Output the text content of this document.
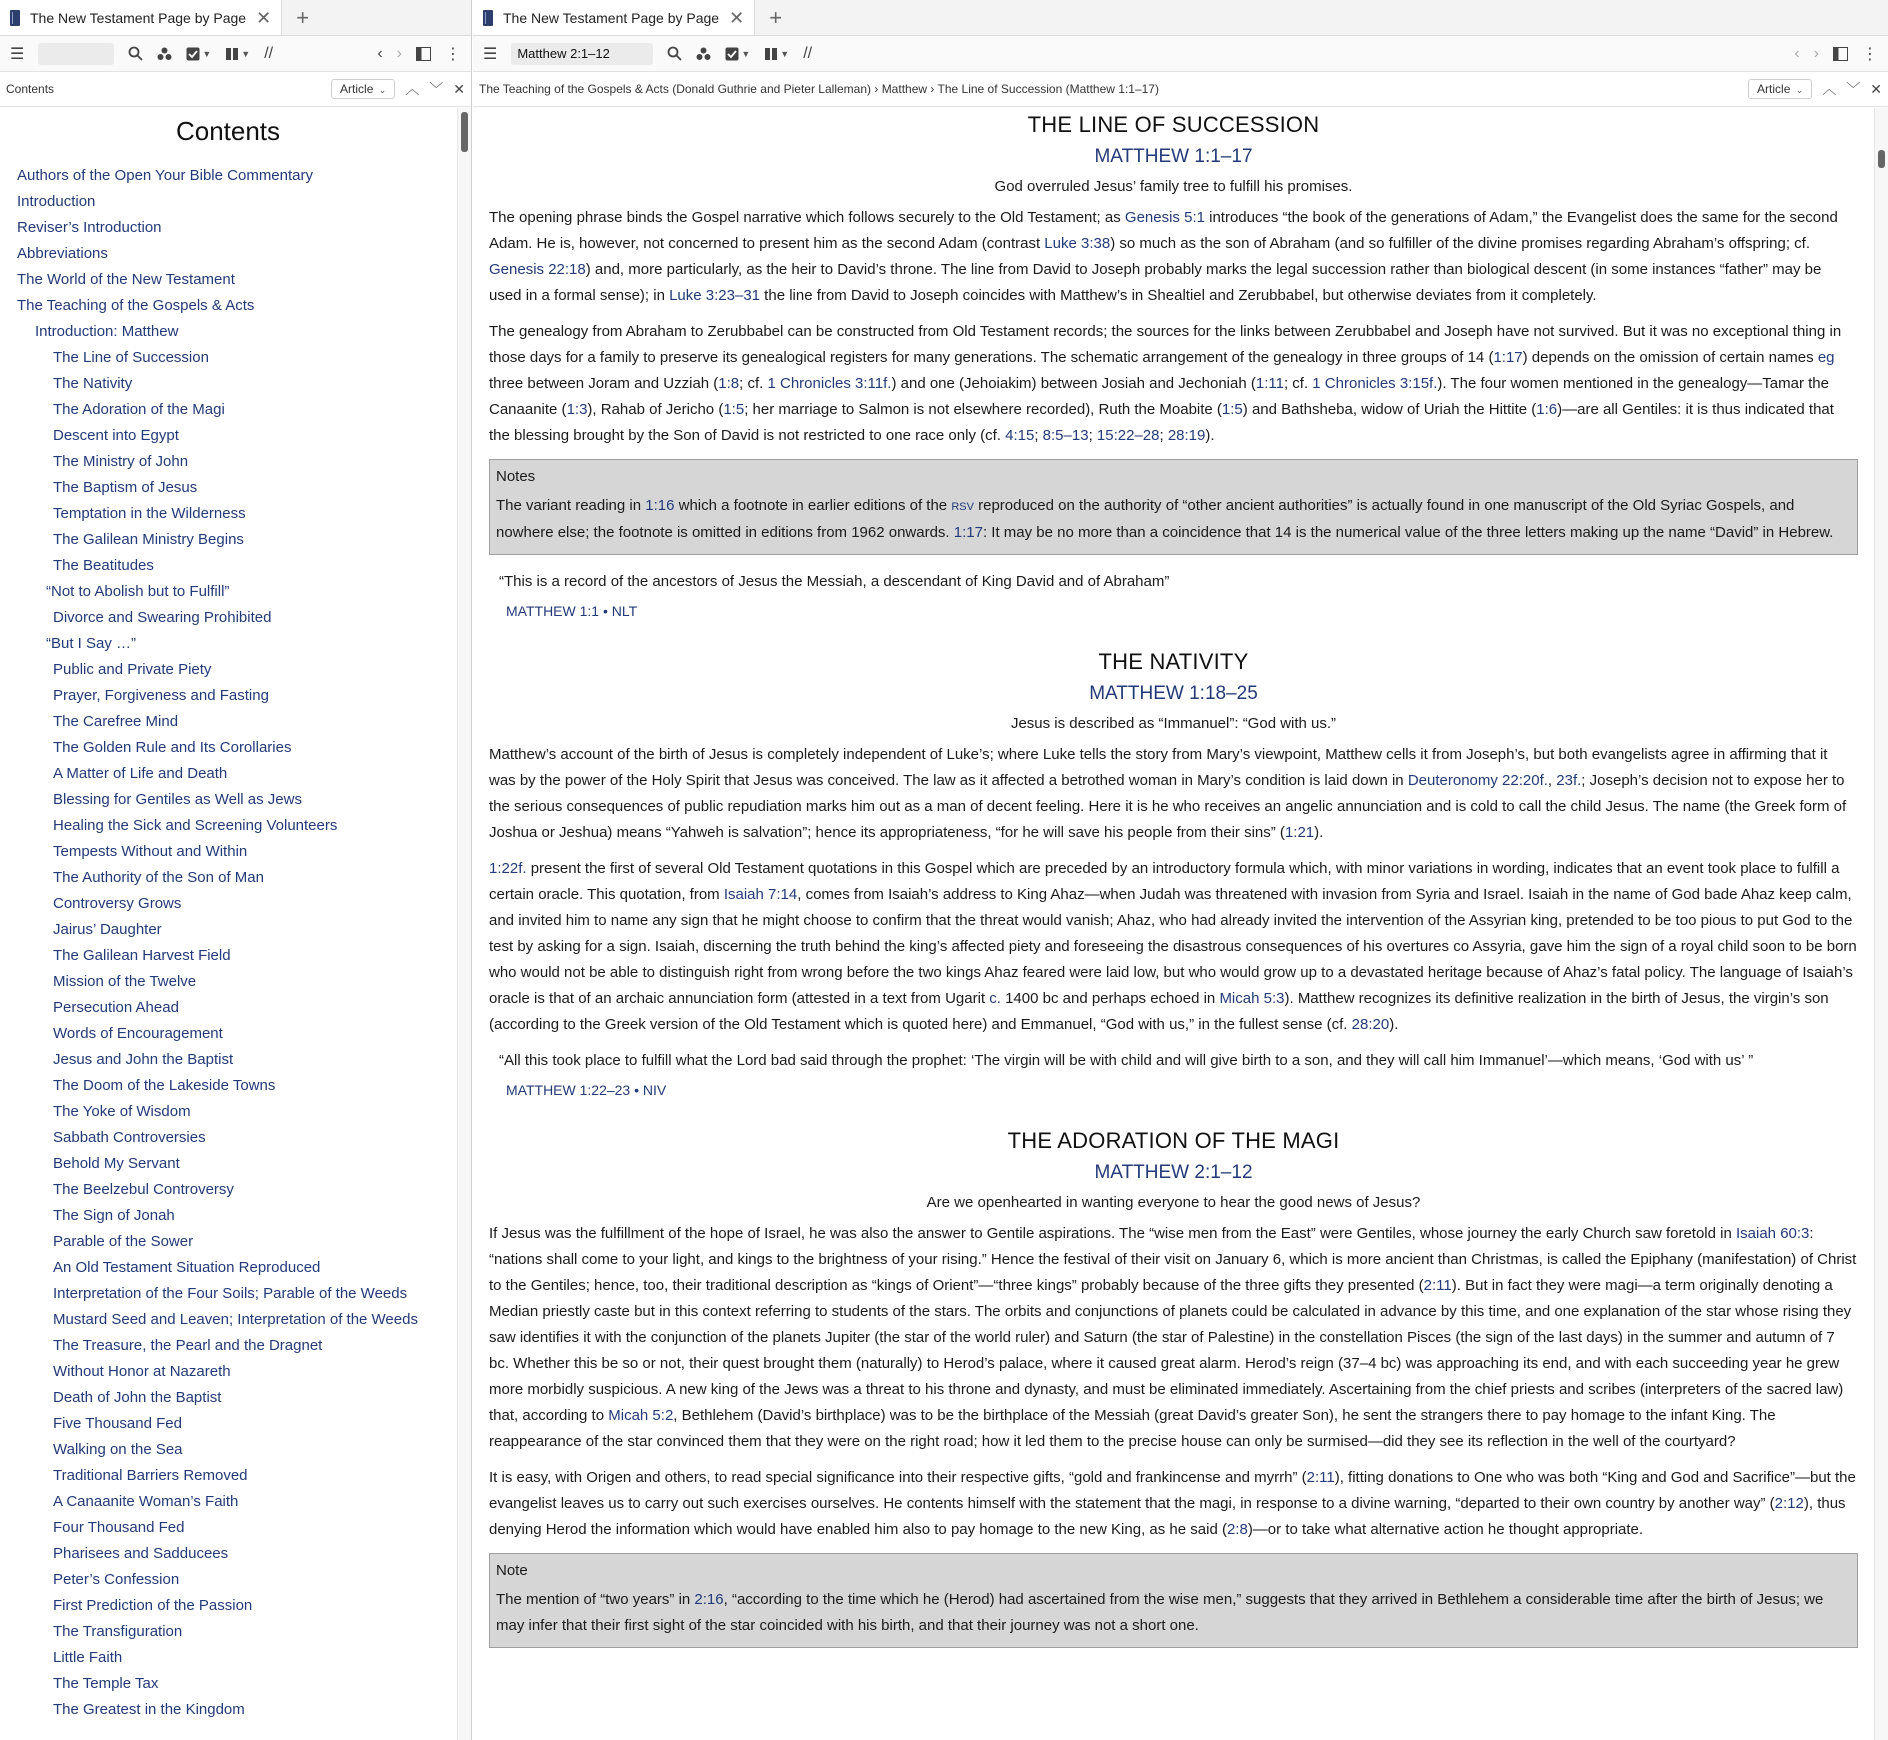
The New Testament Page by Page ✕	+
☰	▼	▼ //	‹ ›	⋮
Contents	Article ⌄	︿ ﹀ ✕
Contents
Authors of the Open Your Bible Commentary
Introduction
Reviser’s Introduction
Abbreviations
The World of the New Testament
The Teaching of the Gospels & Acts
Introduction: Matthew
The Line of Succession
The Nativity
The Adoration of the Magi
Descent into Egypt
The Ministry of John
The Baptism of Jesus
Temptation in the Wilderness
The Galilean Ministry Begins
The Beatitudes
“Not to Abolish but to Fulfill”
Divorce and Swearing Prohibited
“But I Say …”
Public and Private Piety
Prayer, Forgiveness and Fasting
The Carefree Mind
The Golden Rule and Its Corollaries
A Matter of Life and Death
Blessing for Gentiles as Well as Jews
Healing the Sick and Screening Volunteers
Tempests Without and Within
The Authority of the Son of Man
Controversy Grows
Jairus’ Daughter
The Galilean Harvest Field
Mission of the Twelve
Persecution Ahead
Words of Encouragement
Jesus and John the Baptist
The Doom of the Lakeside Towns
The Yoke of Wisdom
Sabbath Controversies
Behold My Servant
The Beelzebul Controversy
The Sign of Jonah
Parable of the Sower
An Old Testament Situation Reproduced
Interpretation of the Four Soils; Parable of the Weeds
Mustard Seed and Leaven; Interpretation of the Weeds
The Treasure, the Pearl and the Dragnet
Without Honor at Nazareth
Death of John the Baptist
Five Thousand Fed
Walking on the Sea
Traditional Barriers Removed
A Canaanite Woman’s Faith
Four Thousand Fed
Pharisees and Sadducees
Peter’s Confession
First Prediction of the Passion
The Transfiguration
Little Faith
The Temple Tax
The Greatest in the Kingdom
The New Testament Page by Page ✕	+
☰
Matthew 2:1–12	▼	▼ //	‹ ›	⋮
The Teaching of the Gospels & Acts (Donald Guthrie and Pieter Lalleman) › Matthew › The Line of Succession (Matthew 1:1–17)	Article ⌄	︿ ﹀ ✕
THE LINE OF SUCCESSION
MATTHEW 1:1–17
God overruled Jesus’ family tree to fulfill his promises.

The opening phrase binds the Gospel narrative which follows securely to the Old Testament; as Genesis 5:1 introduces “the book of the generations of Adam,” the Evangelist does the same for the second Adam. He is, however, not concerned to present him as the second Adam (contrast Luke 3:38) so much as the son of Abraham (and so fulfiller of the divine promises regarding Abraham’s offspring; cf. Genesis 22:18) and, more particularly, as the heir to David’s throne. The line from David to Joseph probably marks the legal succession rather than biological descent (in some instances “father” may be used in a formal sense); in Luke 3:23–31 the line from David to Joseph coincides with Matthew’s in Shealtiel and Zerubbabel, but otherwise deviates from it completely.

The genealogy from Abraham to Zerubbabel can be constructed from Old Testament records; the sources for the links between Zerubbabel and Joseph have not survived. But it was no exceptional thing in those days for a family to preserve its genealogical registers for many generations. The schematic arrangement of the genealogy in three groups of 14 (1:17) depends on the omission of certain names eg three between Joram and Uzziah (1:8; cf. 1 Chronicles 3:11f.) and one (Jehoiakim) between Josiah and Jechoniah (1:11; cf. 1 Chronicles 3:15f.). The four women mentioned in the genealogy—Tamar the Canaanite (1:3), Rahab of Jericho (1:5; her marriage to Salmon is not elsewhere recorded), Ruth the Moabite (1:5) and Bathsheba, widow of Uriah the Hittite (1:6)—are all Gentiles: it is thus indicated that the blessing brought by the Son of David is not restricted to one race only (cf. 4:15; 8:5–13; 15:22–28; 28:19).

Notes

The variant reading in 1:16 which a footnote in earlier editions of the RSV reproduced on the authority of “other ancient authorities” is actually found in one manuscript of the Old Syriac Gospels, and nowhere else; the footnote is omitted in editions from 1962 onwards. 1:17: It may be no more than a coincidence that 14 is the numerical value of the three letters making up the name “David” in Hebrew.

“This is a record of the ancestors of Jesus the Messiah, a descendant of King David and of Abraham”
MATTHEW 1:1 • NLT
THE NATIVITY
MATTHEW 1:18–25
Jesus is described as “Immanuel”: “God with us.”

Matthew’s account of the birth of Jesus is completely independent of Luke’s; where Luke tells the story from Mary’s viewpoint, Matthew cells it from Joseph’s, but both evangelists agree in affirming that it was by the power of the Holy Spirit that Jesus was conceived. The law as it affected a betrothed woman in Mary’s condition is laid down in Deuteronomy 22:20f., 23f.; Joseph’s decision not to expose her to the serious consequences of public repudiation marks him out as a man of decent feeling. Here it is he who receives an angelic annunciation and is cold to call the child Jesus. The name (the Greek form of Joshua or Jeshua) means “Yahweh is salvation”; hence its appropriateness, “for he will save his people from their sins” (1:21).

1:22f. present the first of several Old Testament quotations in this Gospel which are preceded by an introductory formula which, with minor variations in wording, indicates that an event took place to fulfill a certain oracle. This quotation, from Isaiah 7:14, comes from Isaiah’s address to King Ahaz—when Judah was threatened with invasion from Syria and Israel. Isaiah in the name of God bade Ahaz keep calm, and invited him to name any sign that he might choose to confirm that the threat would vanish; Ahaz, who had already invited the intervention of the Assyrian king, pretended to be too pious to put God to the test by asking for a sign. Isaiah, discerning the truth behind the king’s affected piety and foreseeing the disastrous consequences of his overtures co Assyria, gave him the sign of a royal child soon to be born who would not be able to distinguish right from wrong before the two kings Ahaz feared were laid low, but who would grow up to a devastated heritage because of Ahaz’s fatal policy. The language of Isaiah’s oracle is that of an archaic annunciation form (attested in a text from Ugarit c. 1400 bc and perhaps echoed in Micah 5:3). Matthew recognizes its definitive realization in the birth of Jesus, the virgin’s son (according to the Greek version of the Old Testament which is quoted here) and Emmanuel, “God with us,” in the fullest sense (cf. 28:20).

“All this took place to fulfill what the Lord bad said through the prophet: ‘The virgin will be with child and will give birth to a son, and they will call him Immanuel’—which means, ‘God with us’ ”
MATTHEW 1:22–23 • NIV
THE ADORATION OF THE MAGI
MATTHEW 2:1–12
Are we openhearted in wanting everyone to hear the good news of Jesus?

If Jesus was the fulfillment of the hope of Israel, he was also the answer to Gentile aspirations. The “wise men from the East” were Gentiles, whose journey the early Church saw foretold in Isaiah 60:3: “nations shall come to your light, and kings to the brightness of your rising.” Hence the festival of their visit on January 6, which is more ancient than Christmas, is called the Epiphany (manifestation) of Christ to the Gentiles; hence, too, their traditional description as “kings of Orient”—“three kings” probably because of the three gifts they presented (2:11). But in fact they were magi—a term originally denoting a Median priestly caste but in this context referring to students of the stars. The orbits and conjunctions of planets could be calculated in advance by this time, and one explanation of the star whose rising they saw identifies it with the conjunction of the planets Jupiter (the star of the world ruler) and Saturn (the star of Palestine) in the constellation Pisces (the sign of the last days) in the summer and autumn of 7 bc. Whether this be so or not, their quest brought them (naturally) to Herod’s palace, where it caused great alarm. Herod’s reign (37–4 bc) was approaching its end, and with each succeeding year he grew more morbidly suspicious. A new king of the Jews was a threat to his throne and dynasty, and must be eliminated immediately. Ascertaining from the chief priests and scribes (interpreters of the sacred law) that, according to Micah 5:2, Bethlehem (David’s birthplace) was to be the birthplace of the Messiah (great David’s greater Son), he sent the strangers there to pay homage to the infant King. The reappearance of the star convinced them that they were on the right road; how it led them to the precise house can only be surmised—did they see its reflection in the well of the courtyard?

It is easy, with Origen and others, to read special significance into their respective gifts, “gold and frankincense and myrrh” (2:11), fitting donations to One who was both “King and God and Sacrifice”—but the evangelist leaves us to carry out such exercises ourselves. He contents himself with the statement that the magi, in response to a divine warning, “departed to their own country by another way” (2:12), thus denying Herod the information which would have enabled him also to pay homage to the new King, as he said (2:8)—or to take what alternative action he thought appropriate.

Note

The mention of “two years” in 2:16, “according to the time which he (Herod) had ascertained from the wise men,” suggests that they arrived in Bethlehem a considerable time after the birth of Jesus; we may infer that their first sight of the star coincided with his birth, and that their journey was not a short one.
